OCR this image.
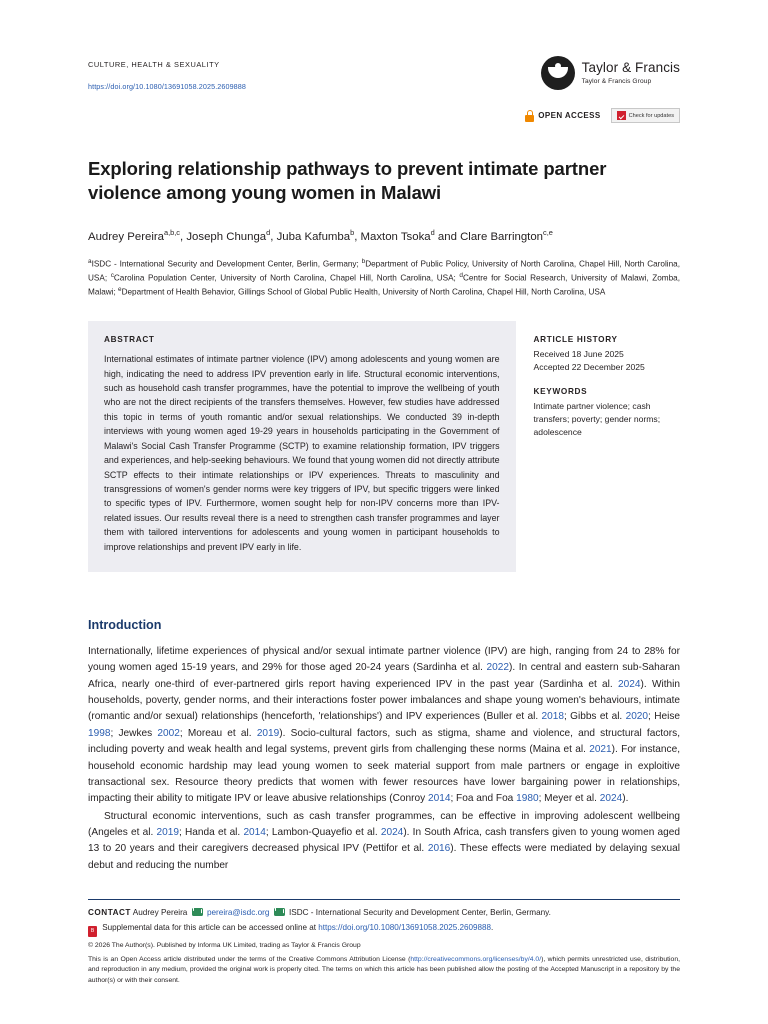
CULTURE, HEALTH & SEXUALITY
https://doi.org/10.1080/13691058.2025.2609888
Taylor & Francis
Taylor & Francis Group
OPEN ACCESS	Check for updates
Exploring relationship pathways to prevent intimate partner violence among young women in Malawi
Audrey Pereira$^{a,b,c}$, Joseph Chunga$^d$, Juba Kafumba$^b$, Maxton Tsoka$^d$ and Clare Barrington$^{c,e}$
$^a$ISDC - International Security and Development Center, Berlin, Germany; $^b$Department of Public Policy, University of North Carolina, Chapel Hill, North Carolina, USA; $^c$Carolina Population Center, University of North Carolina, Chapel Hill, North Carolina, USA; $^d$Centre for Social Research, University of Malawi, Zomba, Malawi; $^e$Department of Health Behavior, Gillings School of Global Public Health, University of North Carolina, Chapel Hill, North Carolina, USA
ABSTRACT
International estimates of intimate partner violence (IPV) among adolescents and young women are high, indicating the need to address IPV prevention early in life. Structural economic interventions, such as household cash transfer programmes, have the potential to improve the wellbeing of youth who are not the direct recipients of the transfers themselves. However, few studies have addressed this topic in terms of youth romantic and/or sexual relationships. We conducted 39 in-depth interviews with young women aged 19-29 years in households participating in the Government of Malawi's Social Cash Transfer Programme (SCTP) to examine relationship formation, IPV triggers and experiences, and help-seeking behaviours. We found that young women did not directly attribute SCTP effects to their intimate relationships or IPV experiences. Threats to masculinity and transgressions of women's gender norms were key triggers of IPV, but specific triggers were linked to specific types of IPV. Furthermore, women sought help for non-IPV concerns more than IPV-related issues. Our results reveal there is a need to strengthen cash transfer programmes and layer them with tailored interventions for adolescents and young women in participant households to improve relationships and prevent IPV early in life.
ARTICLE HISTORY
Received 18 June 2025
Accepted 22 December 2025
KEYWORDS
Intimate partner violence; cash transfers; poverty; gender norms; adolescence
Introduction

Internationally, lifetime experiences of physical and/or sexual intimate partner violence (IPV) are high, ranging from 24 to 28% for young women aged 15-19 years, and 29% for those aged 20-24 years (Sardinha et al. 2022). In central and eastern sub-Saharan Africa, nearly one-third of ever-partnered girls report having experienced IPV in the past year (Sardinha et al. 2024). Within households, poverty, gender norms, and their interactions foster power imbalances and shape young women's behaviours, intimate (romantic and/or sexual) relationships (henceforth, 'relationships') and IPV experiences (Buller et al. 2018; Gibbs et al. 2020; Heise 1998; Jewkes 2002; Moreau et al. 2019). Socio-cultural factors, such as stigma, shame and violence, and structural factors, including poverty and weak health and legal systems, prevent girls from challenging these norms (Maina et al. 2021). For instance, household economic hardship may lead young women to seek material support from male partners or engage in exploitive transactional sex. Resource theory predicts that women with fewer resources have lower bargaining power in relationships, impacting their ability to mitigate IPV or leave abusive relationships (Conroy 2014; Foa and Foa 1980; Meyer et al. 2024).

Structural economic interventions, such as cash transfer programmes, can be effective in improving adolescent wellbeing (Angeles et al. 2019; Handa et al. 2014; Lambon-Quayefio et al. 2024). In South Africa, cash transfers given to young women aged 13 to 20 years and their caregivers decreased physical IPV (Pettifor et al. 2016). These effects were mediated by delaying sexual debut and reducing the number

CONTACT Audrey Pereira pereira@isdc.org ISDC - International Security and Development Center, Berlin, Germany.
B Supplemental data for this article can be accessed online at https://doi.org/10.1080/13691058.2025.2609888.
© 2026 The Author(s). Published by Informa UK Limited, trading as Taylor & Francis Group
This is an Open Access article distributed under the terms of the Creative Commons Attribution License (http://creativecommons.org/licenses/by/4.0/), which permits unrestricted use, distribution, and reproduction in any medium, provided the original work is properly cited. The terms on which this article has been published allow the posting of the Accepted Manuscript in a repository by the author(s) or with their consent.
